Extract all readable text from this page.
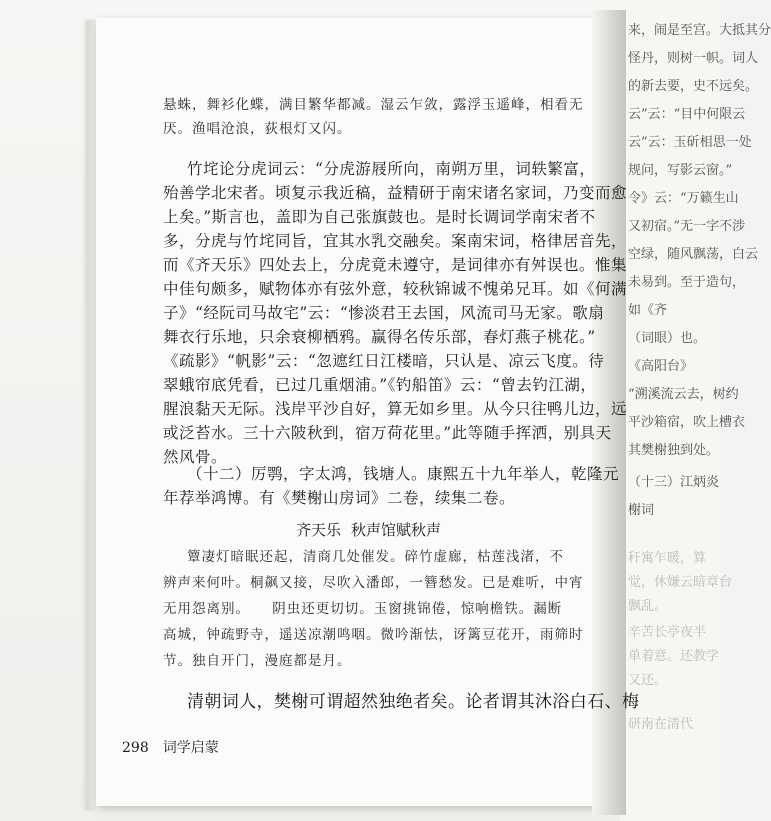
来，闹是至宫。大抵其分
怪丹，则树一帜。词人
的新去要，史不远矣。
云”云：“目中何限云
云”云：玉斫相思一处
规问，写影云窗。”
令》云：“万籁生山
又初宿。”无一字不涉
空绿，随风飘荡，白云
未易到。至于造句，
如《齐
（词眼）也。
《高阳台》
“溯溪流云去，树约
平沙箱宿，吹上槽衣
其樊榭独到处。
（十三）江炳炎
榭词
秆寓乍暖，算
觉，休嫌云暗章台
飘乱。
辛苦长亭夜半
单着意。还教学
又还。
研南在清代
悬蛛，舞衫化蝶，满目繁华都减。湿云乍敛，露浮玉遥峰，相看无
厌。渔唱沧浪，荻根灯又闪。
竹垞论分虎词云：“分虎游屐所向，南朔万里，词轶繁富，
殆善学北宋者。顷复示我近稿，益精研于南宋诸名家词，乃变而愈
上矣。”斯言也，盖即为自己张旗鼓也。是时长调词学南宋者不
多，分虎与竹垞同旨，宜其水乳交融矣。案南宋词，格律居音先，
而《齐天乐》四处去上，分虎竟未遵守，是词律亦有舛误也。惟集
中佳句颇多，赋物体亦有弦外意，较秋锦诚不愧弟兄耳。如《何满
子》“经阮司马故宅”云：“惨淡君王去国，风流司马无家。歌扇
舞衣行乐地，只余衰柳栖鸦。赢得名传乐部，春灯燕子桃花。”
《疏影》“帆影”云：“忽遮红日江楼暗，只认是、凉云飞度。待
翠蛾帘底凭看，已过几重烟浦。”《钓船笛》云：“曾去钓江湖，
腥浪黏天无际。浅岸平沙自好，算无如乡里。从今只往鸭儿边，远
或泛苔水。三十六陂秋到，宿万荷花里。”此等随手挥洒，别具天
然风骨。
（十二）厉鹗，字太鸿，钱塘人。康熙五十九年举人，乾隆元
年荐举鸿博。有《樊榭山房词》二卷，续集二卷。
齐天乐 秋声馆赋秋声
簟凄灯暗眠还起，清商几处催发。碎竹虚廊，枯莲浅渚，不
辨声来何叶。桐飙又接，尽吹入潘郎，一簪愁发。已是难听，中宵
无用怨离别。　　阴虫还更切切。玉窗挑锦倦，惊响檐铁。漏断
高城，钟疏野寺，遥送凉潮鸣咽。微吟渐怯，讶篱豆花开，雨筛时
节。独自开门，漫庭都是月。
清朝词人，樊榭可谓超然独绝者矣。论者谓其沐浴白石、梅
298 词学启蒙
